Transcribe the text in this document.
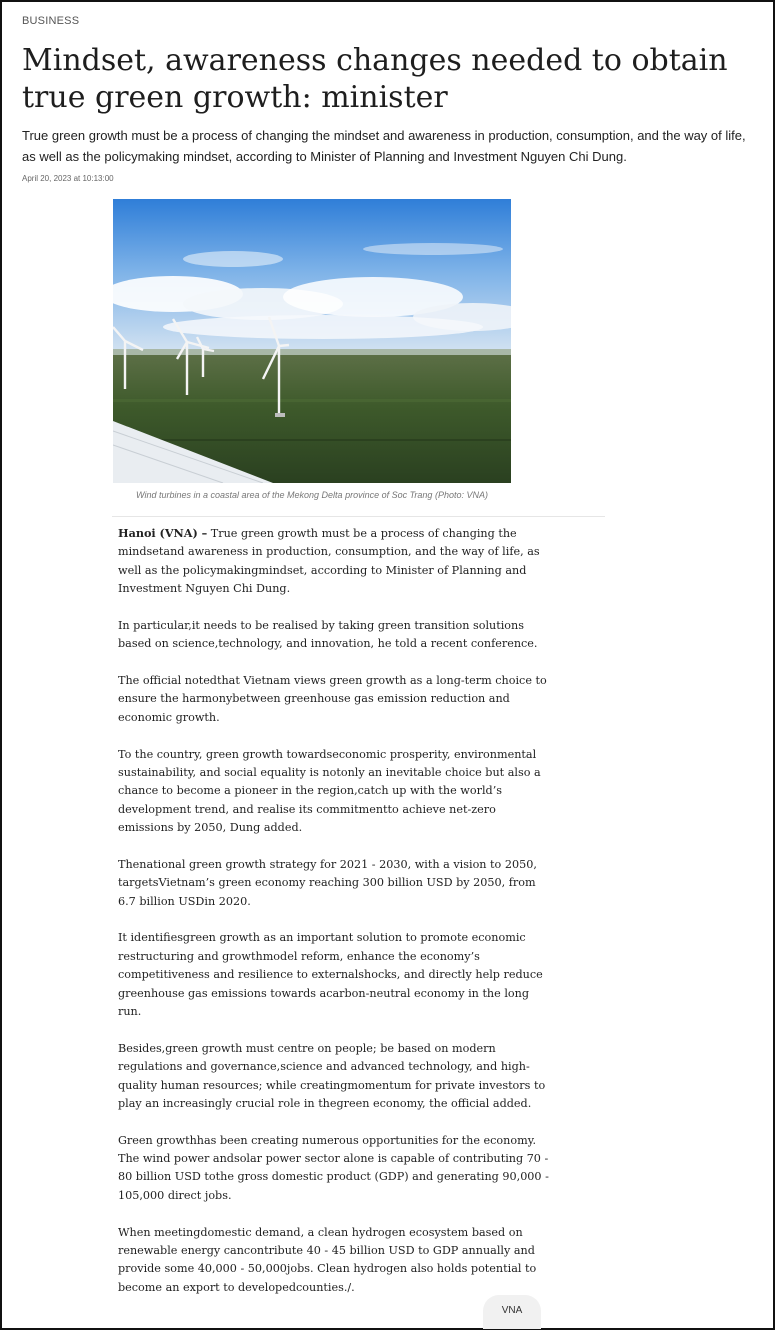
BUSINESS
Mindset, awareness changes needed to obtain true green growth: minister

True green growth must be a process of changing the mindset and awareness in production, consumption, and the way of life, as well as the policymaking mindset, according to Minister of Planning and Investment Nguyen Chi Dung.

April 20, 2023 at 10:13:00
Wind turbines in a coastal area of the Mekong Delta province of Soc Trang (Photo: VNA)

Hanoi (VNA) – True green growth must be a process of changing the mindsetand awareness in production, consumption, and the way of life, as well as the policymakingmindset, according to Minister of Planning and Investment Nguyen Chi Dung.

In particular,it needs to be realised by taking green transition solutions based on science,technology, and innovation, he told a recent conference.

The official notedthat Vietnam views green growth as a long-term choice to ensure the harmonybetween greenhouse gas emission reduction and economic growth.

To the country, green growth towardseconomic prosperity, environmental sustainability, and social equality is notonly an inevitable choice but also a chance to become a pioneer in the region,catch up with the world’s development trend, and realise its commitmentto achieve net-zero emissions by 2050, Dung added.

Thenational green growth strategy for 2021 - 2030, with a vision to 2050, targetsVietnam’s green economy reaching 300 billion USD by 2050, from 6.7 billion USDin 2020.

It identifiesgreen growth as an important solution to promote economic restructuring and growthmodel reform, enhance the economy’s competitiveness and resilience to externalshocks, and directly help reduce greenhouse gas emissions towards acarbon-neutral economy in the long run.

Besides,green growth must centre on people; be based on modern regulations and governance,science and advanced technology, and high-quality human resources; while creatingmomentum for private investors to play an increasingly crucial role in thegreen economy, the official added.

Green growthhas been creating numerous opportunities for the economy. The wind power andsolar power sector alone is capable of contributing 70 - 80 billion USD tothe gross domestic product (GDP) and generating 90,000 - 105,000 direct jobs.

When meetingdomestic demand, a clean hydrogen ecosystem based on renewable energy cancontribute 40 - 45 billion USD to GDP annually and provide some 40,000 - 50,000jobs. Clean hydrogen also holds potential to become an export to developedcounties./.

VNA
